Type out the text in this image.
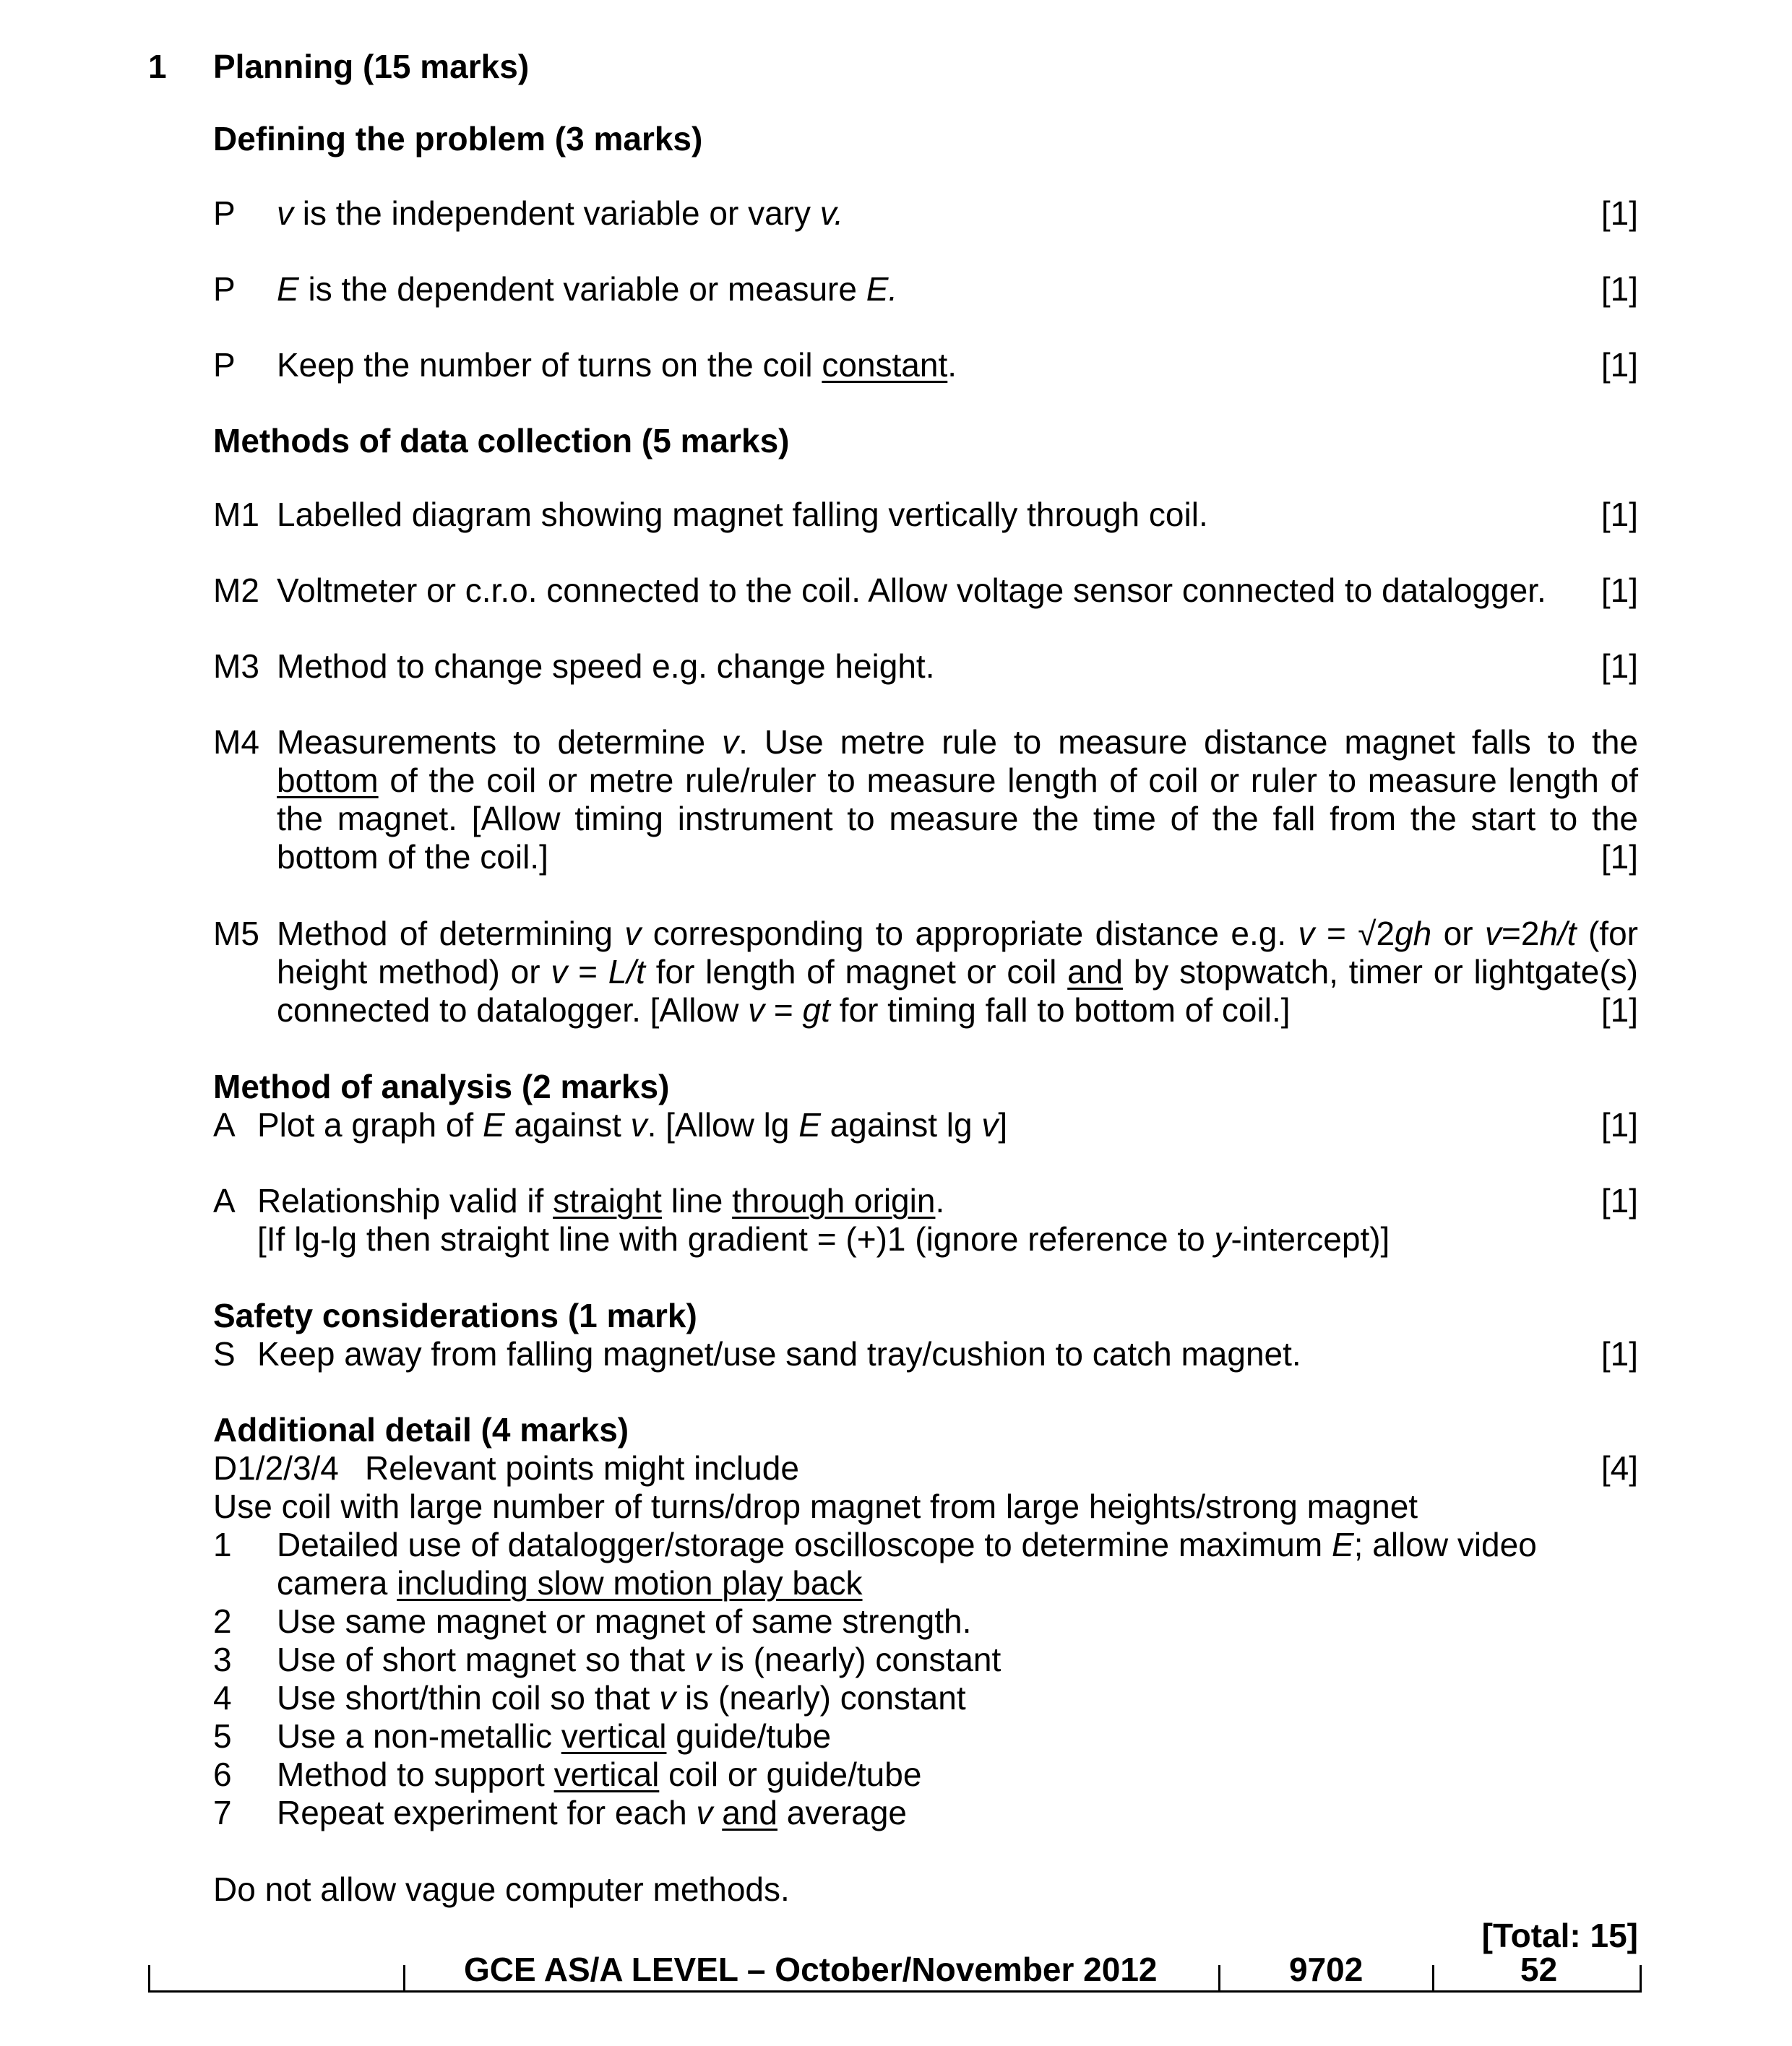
1 Planning (15 marks)
Defining the problem (3 marks)
P v is the independent variable or vary v.	[1]
P E is the dependent variable or measure E.	[1]
P Keep the number of turns on the coil constant.	[1]
Methods of data collection (5 marks)
M1 Labelled diagram showing magnet falling vertically through coil.	[1]
M2 Voltmeter or c.r.o. connected to the coil. Allow voltage sensor connected to datalogger. [1]
M3 Method to change speed e.g. change height.	[1]
M4 Measurements to determine v. Use metre rule to measure distance magnet falls to the
bottom of the coil or metre rule/ruler to measure length of coil or ruler to measure length of
the magnet. [Allow timing instrument to measure the time of the fall from the start to the
bottom of the coil.]	[1]
M5 Method of determining v corresponding to appropriate distance e.g. v = √2gh or v=2h/t (for
height method) or v = L/t for length of magnet or coil and by stopwatch, timer or lightgate(s)
connected to datalogger. [Allow v = gt for timing fall to bottom of coil.]	[1]
Method of analysis (2 marks)
A Plot a graph of E against v. [Allow lg E against lg v]	[1]
A Relationship valid if straight line through origin.	[1]
[If lg-lg then straight line with gradient = (+)1 (ignore reference to y-intercept)]
Safety considerations (1 mark)
S Keep away from falling magnet/use sand tray/cushion to catch magnet.	[1]
Additional detail (4 marks)
D1/2/3/4 Relevant points might include	[4]
Use coil with large number of turns/drop magnet from large heights/strong magnet
1 Detailed use of datalogger/storage oscilloscope to determine maximum E; allow video
camera including slow motion play back
2 Use same magnet or magnet of same strength.
3 Use of short magnet so that v is (nearly) constant
4 Use short/thin coil so that v is (nearly) constant
5 Use a non-metallic vertical guide/tube
6 Method to support vertical coil or guide/tube
7 Repeat experiment for each v and average
Do not allow vague computer methods.
[Total: 15]
GCE AS/A LEVEL – October/November 2012	9702	52
